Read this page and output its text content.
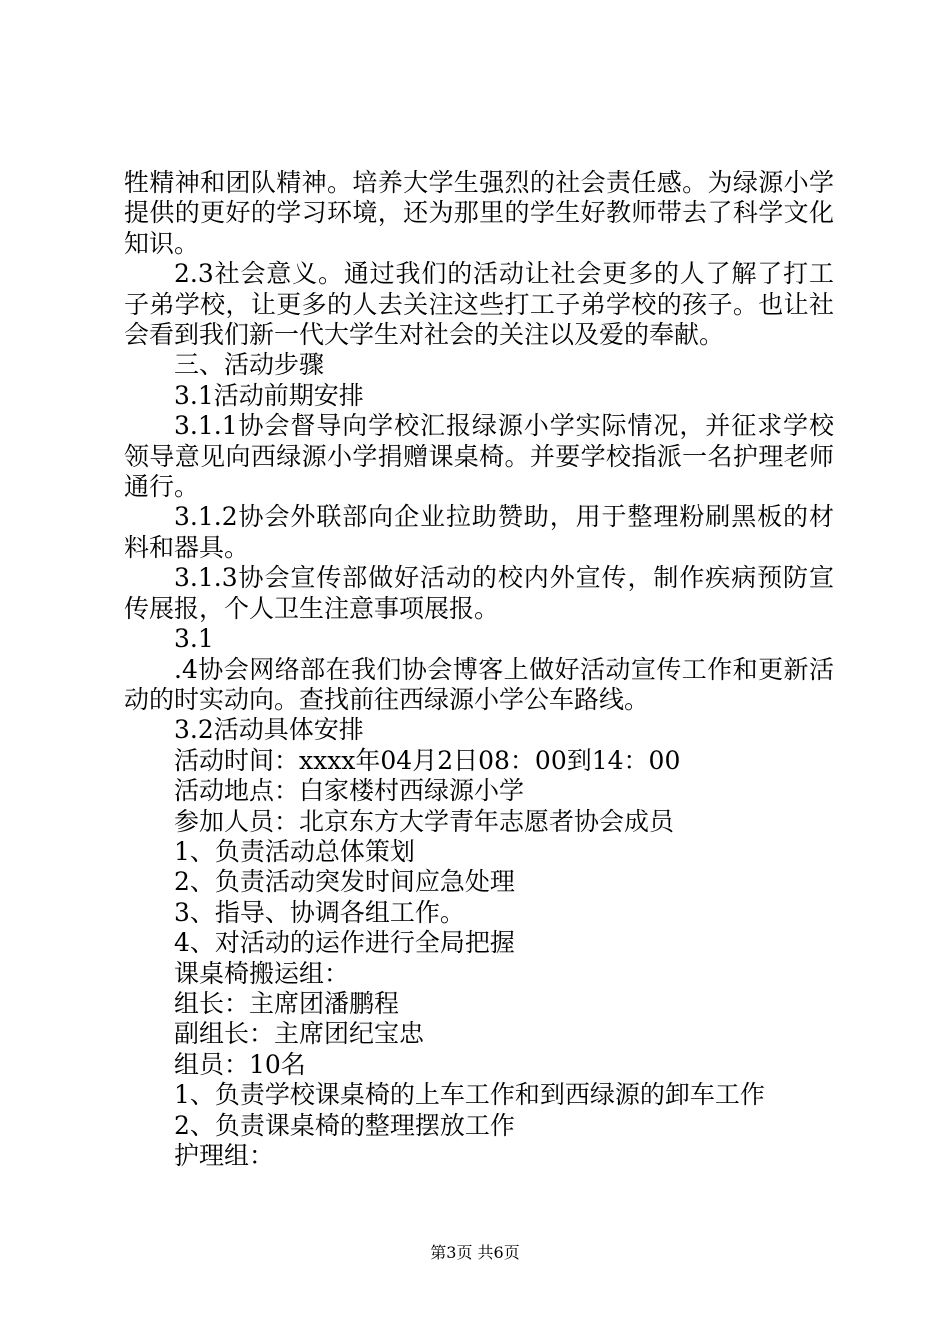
牲精神和团队精神。培养大学生强烈的社会责任感。为绿源小学提供的更好的学习环境，还为那里的学生好教师带去了科学文化知识。

2.3社会意义。通过我们的活动让社会更多的人了解了打工子弟学校，让更多的人去关注这些打工子弟学校的孩子。也让社会看到我们新一代大学生对社会的关注以及爱的奉献。

三、活动步骤

3.1活动前期安排

3.1.1协会督导向学校汇报绿源小学实际情况，并征求学校领导意见向西绿源小学捐赠课桌椅。并要学校指派一名护理老师通行。

3.1.2协会外联部向企业拉助赞助，用于整理粉刷黑板的材料和器具。

3.1.3协会宣传部做好活动的校内外宣传，制作疾病预防宣传展报，个人卫生注意事项展报。

3.1

.4协会网络部在我们协会博客上做好活动宣传工作和更新活动的时实动向。查找前往西绿源小学公车路线。

3.2活动具体安排

活动时间：xxxx年04月2日08：00到14：00

活动地点：白家楼村西绿源小学

参加人员：北京东方大学青年志愿者协会成员

1、负责活动总体策划

2、负责活动突发时间应急处理

3、指导、协调各组工作。

4、对活动的运作进行全局把握

课桌椅搬运组：

组长：主席团潘鹏程

副组长：主席团纪宝忠

组员：10名

1、负责学校课桌椅的上车工作和到西绿源的卸车工作

2、负责课桌椅的整理摆放工作

护理组：

第3页 共6页
